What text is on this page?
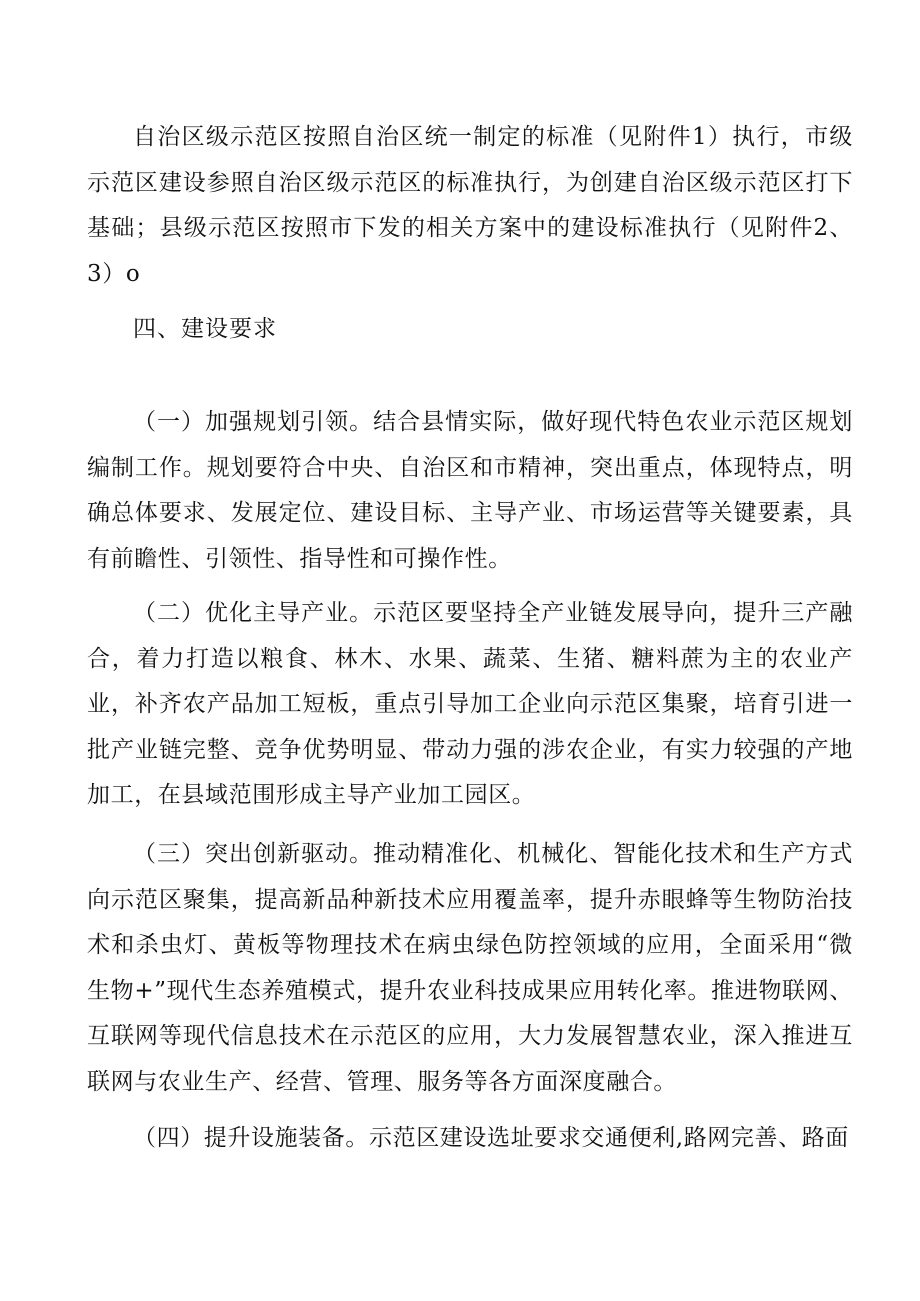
自治区级示范区按照自治区统一制定的标准（见附件1）执行，市级示范区建设参照自治区级示范区的标准执行，为创建自治区级示范区打下基础；县级示范区按照市下发的相关方案中的建设标准执行（见附件2、3）o

四、建设要求

（一）加强规划引领。结合县情实际，做好现代特色农业示范区规划编制工作。规划要符合中央、自治区和市精神，突出重点，体现特点，明确总体要求、发展定位、建设目标、主导产业、市场运营等关键要素，具有前瞻性、引领性、指导性和可操作性。

（二）优化主导产业。示范区要坚持全产业链发展导向，提升三产融合，着力打造以粮食、林木、水果、蔬菜、生猪、糖料蔗为主的农业产业，补齐农产品加工短板，重点引导加工企业向示范区集聚，培育引进一批产业链完整、竞争优势明显、带动力强的涉农企业，有实力较强的产地加工，在县域范围形成主导产业加工园区。

（三）突出创新驱动。推动精准化、机械化、智能化技术和生产方式向示范区聚集，提高新品种新技术应用覆盖率，提升赤眼蜂等生物防治技术和杀虫灯、黄板等物理技术在病虫绿色防控领域的应用，全面采用“微生物+”现代生态养殖模式，提升农业科技成果应用转化率。推进物联网、互联网等现代信息技术在示范区的应用，大力发展智慧农业，深入推进互联网与农业生产、经营、管理、服务等各方面深度融合。

（四）提升设施装备。示范区建设选址要求交通便利,路网完善、路面
